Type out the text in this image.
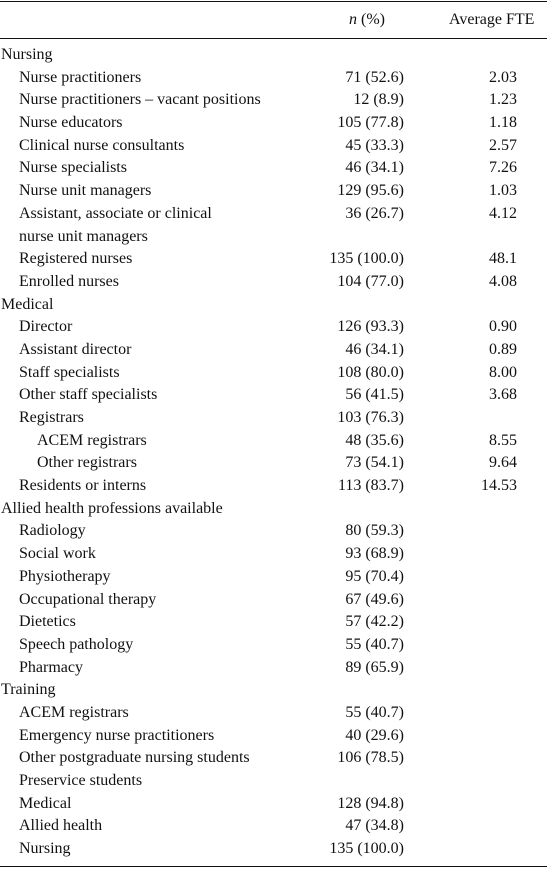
n (%)	Average FTE
Nursing
Nurse practitioners	71 (52.6)	2.03
Nurse practitioners – vacant positions	12 (8.9)	1.23
Nurse educators	105 (77.8)	1.18
Clinical nurse consultants	45 (33.3)	2.57
Nurse specialists	46 (34.1)	7.26
Nurse unit managers	129 (95.6)	1.03
Assistant, associate or clinical	36 (26.7)	4.12
nurse unit managers
Registered nurses	135 (100.0)	48.1
Enrolled nurses	104 (77.0)	4.08
Medical
Director	126 (93.3)	0.90
Assistant director	46 (34.1)	0.89
Staff specialists	108 (80.0)	8.00
Other staff specialists	56 (41.5)	3.68
Registrars	103 (76.3)
ACEM registrars	48 (35.6)	8.55
Other registrars	73 (54.1)	9.64
Residents or interns	113 (83.7)	14.53
Allied health professions available
Radiology	80 (59.3)
Social work	93 (68.9)
Physiotherapy	95 (70.4)
Occupational therapy	67 (49.6)
Dietetics	57 (42.2)
Speech pathology	55 (40.7)
Pharmacy	89 (65.9)
Training
ACEM registrars	55 (40.7)
Emergency nurse practitioners	40 (29.6)
Other postgraduate nursing students	106 (78.5)
Preservice students
Medical	128 (94.8)
Allied health	47 (34.8)
Nursing	135 (100.0)
